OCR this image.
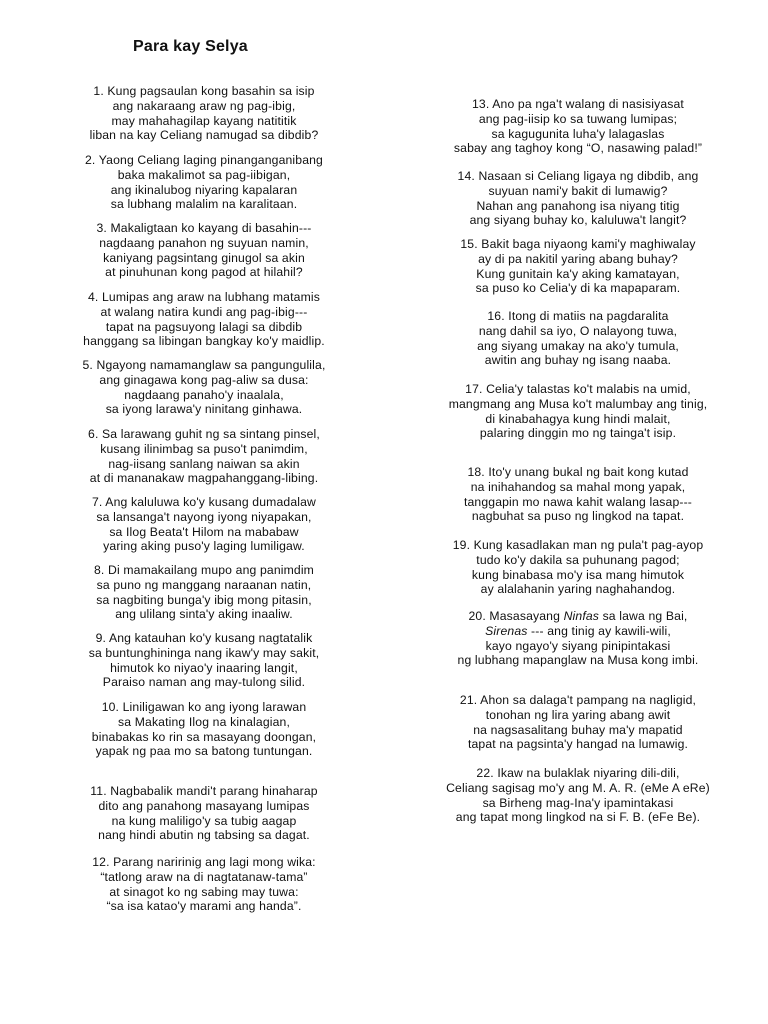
Para kay Selya
1. Kung pagsaulan kong basahin sa isip
ang nakaraang araw ng pag-ibig,
may mahahagilap kayang natititik
liban na kay Celiang namugad sa dibdib?
2. Yaong Celiang laging pinanganganibang
baka makalimot sa pag-iibigan,
ang ikinalubog niyaring kapalaran
sa lubhang malalim na karalitaan.
3. Makaligtaan ko kayang di basahin---
nagdaang panahon ng suyuan namin,
kaniyang pagsintang ginugol sa akin
at pinuhunan kong pagod at hilahil?
4. Lumipas ang araw na lubhang matamis
at walang natira kundi ang pag-ibig---
tapat na pagsuyong lalagi sa dibdib
hanggang sa libingan bangkay ko'y maidlip.
5. Ngayong namamanglaw sa pangungulila,
ang ginagawa kong pag-aliw sa dusa:
nagdaang panaho'y inaalala,
sa iyong larawa'y ninitang ginhawa.
6. Sa larawang guhit ng sa sintang pinsel,
kusang ilinimbag sa puso't panimdim,
nag-iisang sanlang naiwan sa akin
at di mananakaw magpahanggang-libing.
7. Ang kaluluwa ko'y kusang dumadalaw
sa lansanga't nayong iyong niyapakan,
sa Ilog Beata't Hilom na mababaw
yaring aking puso'y laging lumiligaw.
8. Di mamakailang mupo ang panimdim
sa puno ng manggang naraanan natin,
sa nagbiting bunga'y ibig mong pitasin,
ang ulilang sinta'y aking inaaliw.
9. Ang katauhan ko'y kusang nagtatalik
sa buntunghininga nang ikaw'y may sakit,
himutok ko niyao'y inaaring langit,
Paraiso naman ang may-tulong silid.
10. Liniligawan ko ang iyong larawan
sa Makating Ilog na kinalagian,
binabakas ko rin sa masayang doongan,
yapak ng paa mo sa batong tuntungan.
11. Nagbabalik mandi't parang hinaharap
dito ang panahong masayang lumipas
na kung maliligo'y sa tubig aagap
nang hindi abutin ng tabsing sa dagat.
12. Parang naririnig ang lagi mong wika:
“tatlong araw na di nagtatanaw-tama”
at sinagot ko ng sabing may tuwa:
“sa isa katao'y marami ang handa”.
13. Ano pa nga't walang di nasisiyasat
ang pag-iisip ko sa tuwang lumipas;
sa kagugunita luha'y lalagaslas
sabay ang taghoy kong “O, nasawing palad!”
14. Nasaan si Celiang ligaya ng dibdib, ang
suyuan nami'y bakit di lumawig?
Nahan ang panahong isa niyang titig
ang siyang buhay ko, kaluluwa't langit?
15. Bakit baga niyaong kami'y maghiwalay
ay di pa nakitil yaring abang buhay?
Kung gunitain ka'y aking kamatayan,
sa puso ko Celia'y di ka mapaparam.
16. Itong di matiis na pagdaralita
nang dahil sa iyo, O nalayong tuwa,
ang siyang umakay na ako'y tumula,
awitin ang buhay ng isang naaba.
17. Celia'y talastas ko't malabis na umid,
mangmang ang Musa ko't malumbay ang tinig,
di kinabahagya kung hindi malait,
palaring dinggin mo ng tainga't isip.
18. Ito'y unang bukal ng bait kong kutad
na inihahandog sa mahal mong yapak,
tanggapin mo nawa kahit walang lasap---
nagbuhat sa puso ng lingkod na tapat.
19. Kung kasadlakan man ng pula't pag-ayop
tudo ko'y dakila sa puhunang pagod;
kung binabasa mo'y isa mang himutok
ay alalahanin yaring naghahandog.
20. Masasayang Ninfas sa lawa ng Bai,
Sirenas --- ang tinig ay kawili-wili,
kayo ngayo'y siyang pinipintakasi
ng lubhang mapanglaw na Musa kong imbi.
21. Ahon sa dalaga't pampang na nagligid,
tonohan ng lira yaring abang awit
na nagsasalitang buhay ma'y mapatid
tapat na pagsinta'y hangad na lumawig.
22. Ikaw na bulaklak niyaring dili-dili,
Celiang sagisag mo'y ang M. A. R. (eMe A eRe)
sa Birheng mag-Ina'y ipamintakasi
ang tapat mong lingkod na si F. B. (eFe Be).
